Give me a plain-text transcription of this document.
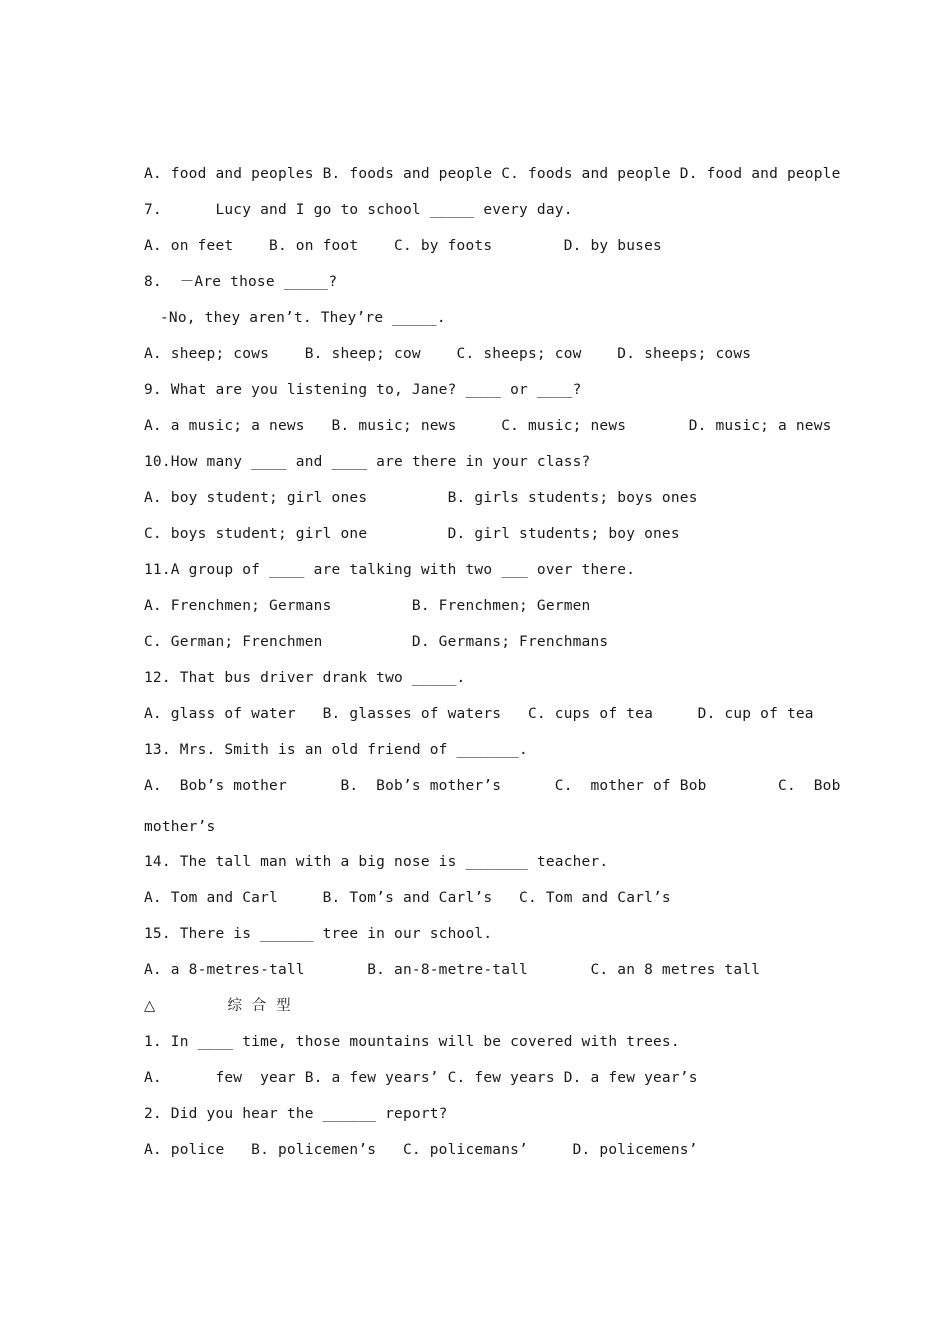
A. food and peoples B. foods and people C. foods and people D. food and people
7.      Lucy and I go to school _____ every day.
A. on feet    B. on foot    C. by foots        D. by buses
8.  －Are those _____?
-No, they aren’t. They’re _____.
A. sheep; cows    B. sheep; cow    C. sheeps; cow    D. sheeps; cows
9. What are you listening to, Jane? ____ or ____?
A. a music; a news   B. music; news     C. music; news       D. music; a news
10.How many ____ and ____ are there in your class?
A. boy student; girl ones         B. girls students; boys ones
C. boys student; girl one         D. girl students; boy ones
11.A group of ____ are talking with two ___ over there.
A. Frenchmen; Germans         B. Frenchmen; Germen
C. German; Frenchmen          D. Germans; Frenchmans
12. That bus driver drank two _____.
A. glass of water   B. glasses of waters   C. cups of tea     D. cup of tea
13. Mrs. Smith is an old friend of _______.
A.  Bob’s mother      B.  Bob’s mother’s      C.  mother of Bob        C.  Bob
mother’s
14. The tall man with a big nose is _______ teacher.
A. Tom and Carl     B. Tom’s and Carl’s   C. Tom and Carl’s
15. There is ______ tree in our school.
A. a 8-metres-tall       B. an-8-metre-tall       C. an 8 metres tall
△               综  合  型
1. In ____ time, those mountains will be covered with trees.
A.      few  year B. a few years’ C. few years D. a few year’s
2. Did you hear the ______ report?
A. police   B. policemen’s   C. policemans’     D. policemens’
